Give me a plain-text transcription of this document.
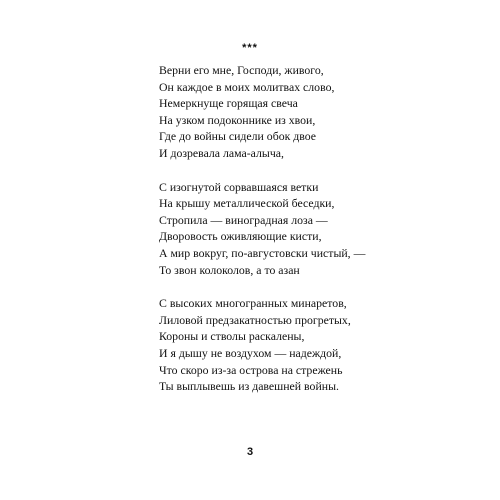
***
Верни его мне, Господи, живого,
Он каждое в моих молитвах слово,
Немеркнуще горящая свеча
На узком подоконнике из хвои,
Где до войны сидели обок двое
И дозревала лама-алыча,
С изогнутой сорвавшаяся ветки
На крышу металлической беседки,
Стропила — виноградная лоза —
Дворовость оживляющие кисти,
А мир вокруг, по-августовски чистый, —
То звон колоколов, а то азан
С высоких многогранных минаретов,
Лиловой предзакатностью прогретых,
Короны и стволы раскалены,
И я дышу не воздухом — надеждой,
Что скоро из-за острова на стрежень
Ты выплывешь из давешней войны.
3
